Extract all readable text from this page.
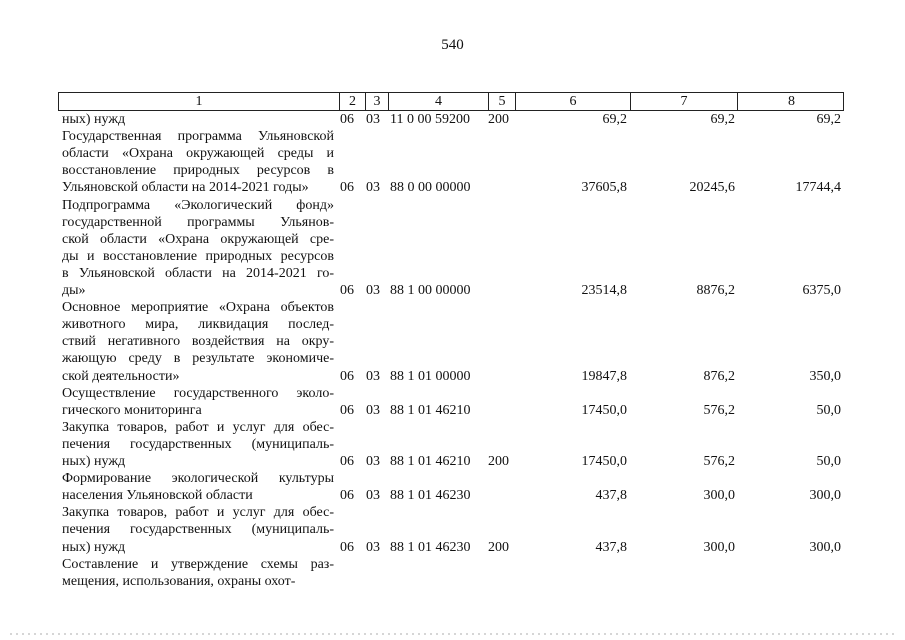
540
1	2	3	4	5	6	7	8
ных) нужд	06 03 11 0 00 59200 200	69,2	69,2	69,2
Государственная программа Ульяновской
области «Охрана окружающей среды и
восстановление природных ресурсов в
Ульяновской области на 2014-2021 годы»	06 03 88 0 00 00000	37605,8	20245,6	17744,4
Подпрограмма «Экологический фонд»
государственной программы Ульянов-
ской области «Охрана окружающей сре-
ды и восстановление природных ресурсов
в Ульяновской области на 2014-2021 го-
ды»	06 03 88 1 00 00000	23514,8	8876,2	6375,0
Основное мероприятие «Охрана объектов
животного мира, ликвидация послед-
ствий негативного воздействия на окру-
жающую среду в результате экономиче-
ской деятельности»	06 03 88 1 01 00000	19847,8	876,2	350,0
Осуществление государственного эколо-
гического мониторинга	06 03 88 1 01 46210	17450,0	576,2	50,0
Закупка товаров, работ и услуг для обес-
печения государственных (муниципаль-
ных) нужд	06 03 88 1 01 46210 200	17450,0	576,2	50,0
Формирование экологической культуры
населения Ульяновской области	06 03 88 1 01 46230	437,8	300,0	300,0
Закупка товаров, работ и услуг для обес-
печения государственных (муниципаль-
ных) нужд	06 03 88 1 01 46230 200	437,8	300,0	300,0
Составление и утверждение схемы раз-
мещения, использования, охраны охот-
